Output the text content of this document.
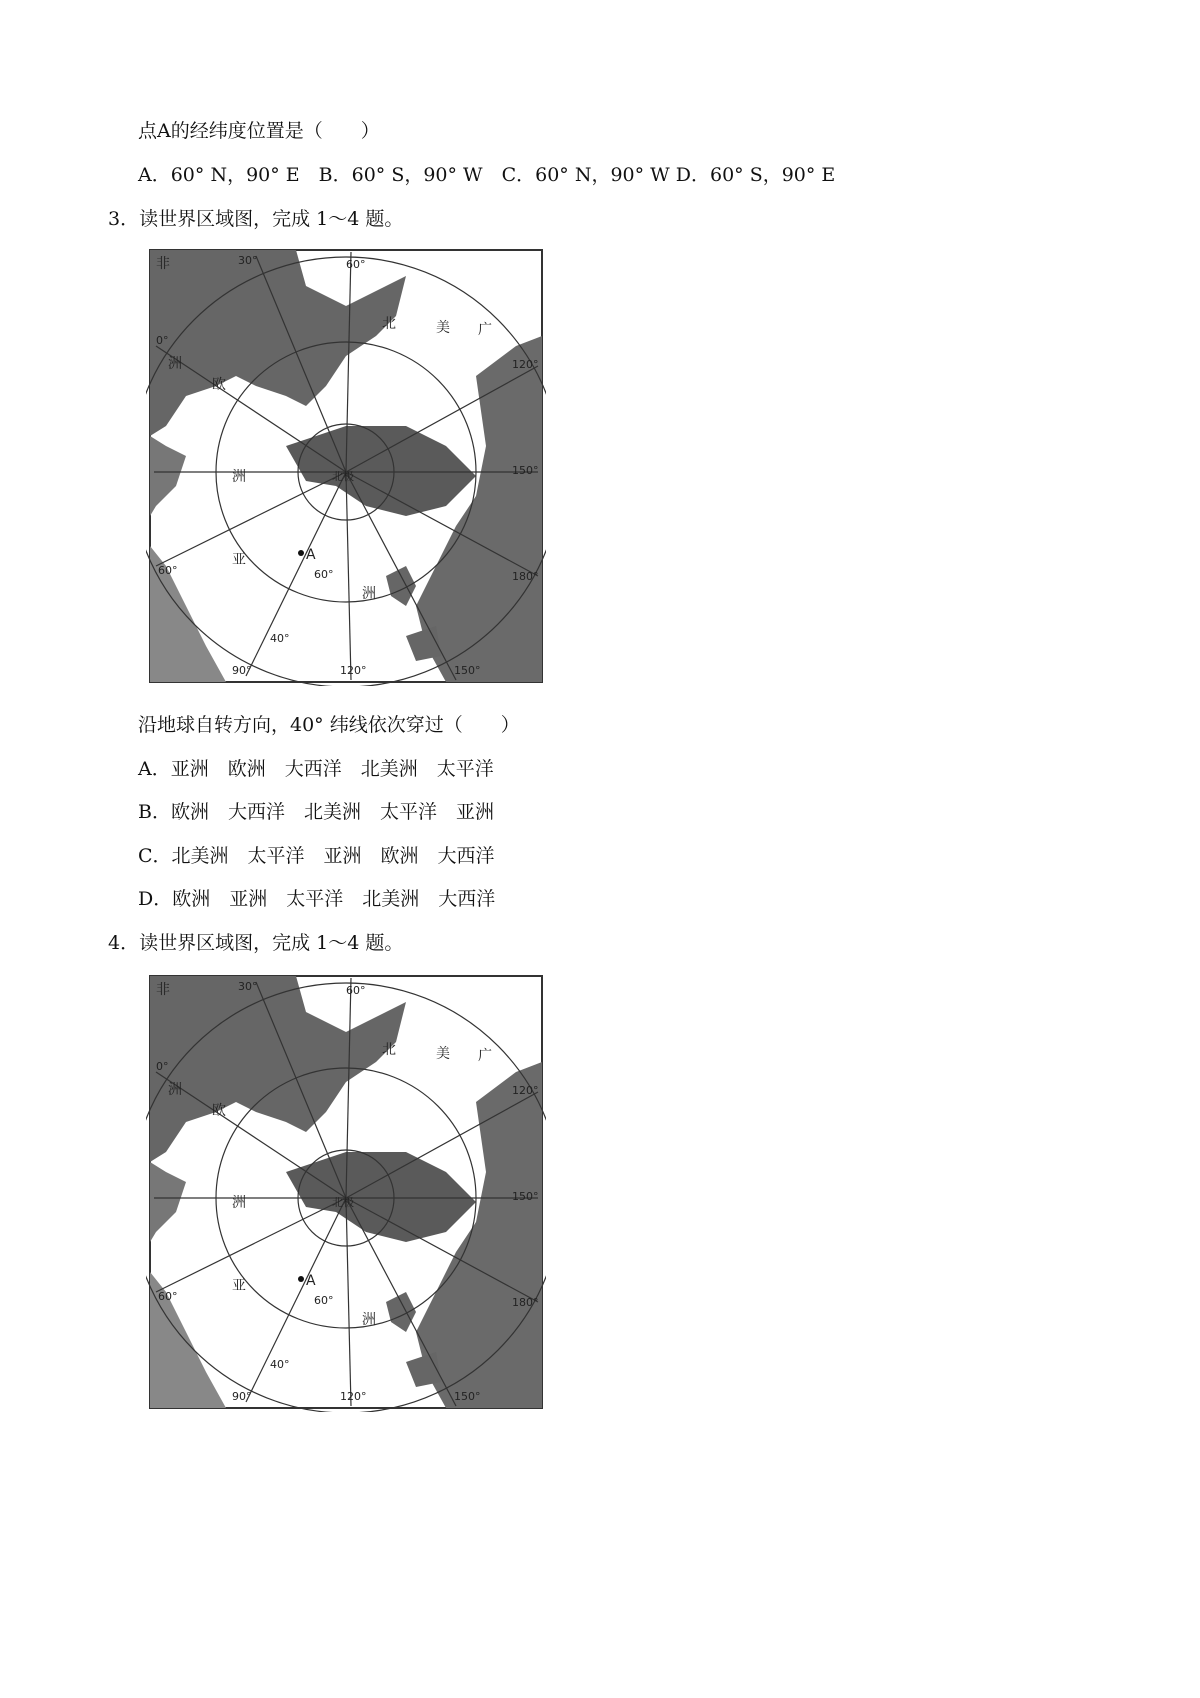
点A的经纬度位置是（　　）
A．60° N，90° E　B．60° S，90° W　C．60° N，90° W D．60° S，90° E
3．读世界区域图，完成 1～4 题。
A
30°	60°
0°
120°
150°
180°
60°
90°	120°	150°
60°
40°
非
洲
欧
洲
北	美 广
亚
洲
北极
沿地球自转方向，40° 纬线依次穿过（　　）
A．亚洲　欧洲　大西洋　北美洲　太平洋
B．欧洲　大西洋　北美洲　太平洋　亚洲
C．北美洲　太平洋　亚洲　欧洲　大西洋
D．欧洲　亚洲　太平洋　北美洲　大西洋
4．读世界区域图，完成 1～4 题。
A
30°	60°
0°
120°
150°
180°
60°
90°	120°	150°
60°
40°
非
洲
欧
洲
北	美 广
亚
洲
北极
